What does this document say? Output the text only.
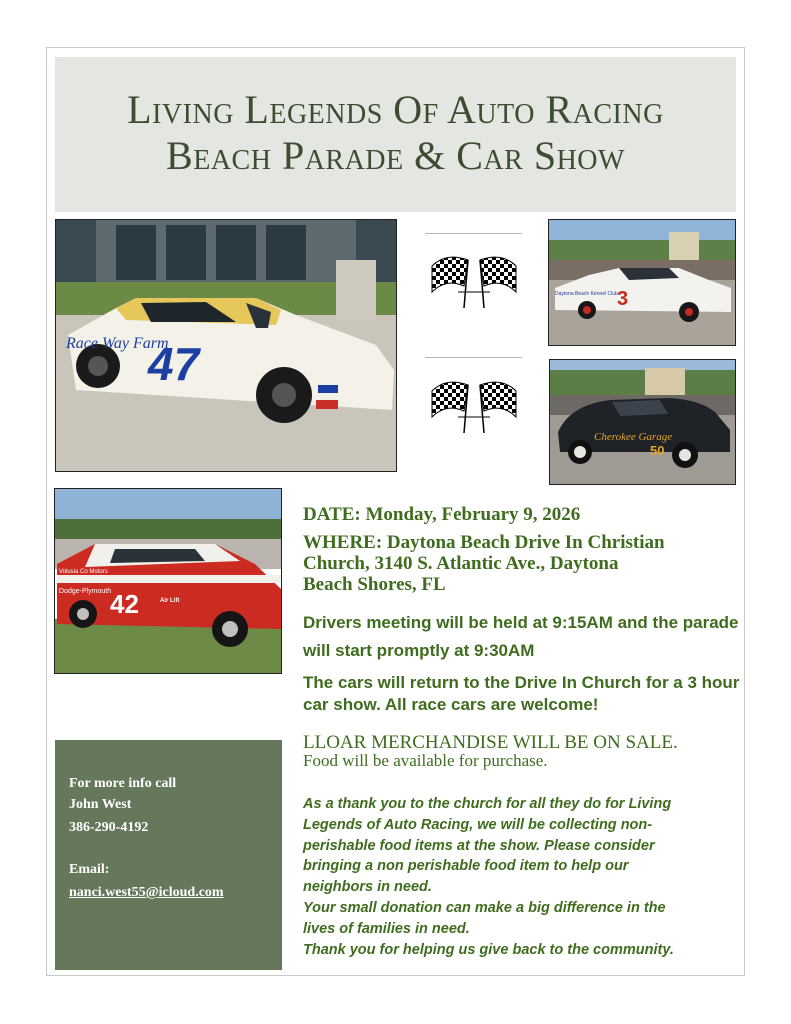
Living Legends Of Auto Racing
Beach Parade & Car Show
Race Way Farm
47
Daytona Beach Kennel Club 3
Cherokee Garage
50
Volusia Co Motors
Dodge-Plymouth
42	Air Lift
DATE: Monday, February 9, 2026
WHERE: Daytona Beach Drive In Christian
Church, 3140 S. Atlantic Ave., Daytona
Beach Shores, FL
Drivers meeting will be held at 9:15AM and the parade
will start promptly at 9:30AM
The cars will return to the Drive In Church for a 3 hour
car show. All race cars are welcome!
LLOAR MERCHANDISE WILL BE ON SALE.
Food will be available for purchase.
As a thank you to the church for all they do for Living
Legends of Auto Racing, we will be collecting non-
perishable food items at the show. Please consider
bringing a non perishable food item to help our
neighbors in need.
Your small donation can make a big difference in the
lives of families in need.
Thank you for helping us give back to the community.
For more info call
John West
386-290-4192
Email:
nanci.west55@icloud.com
